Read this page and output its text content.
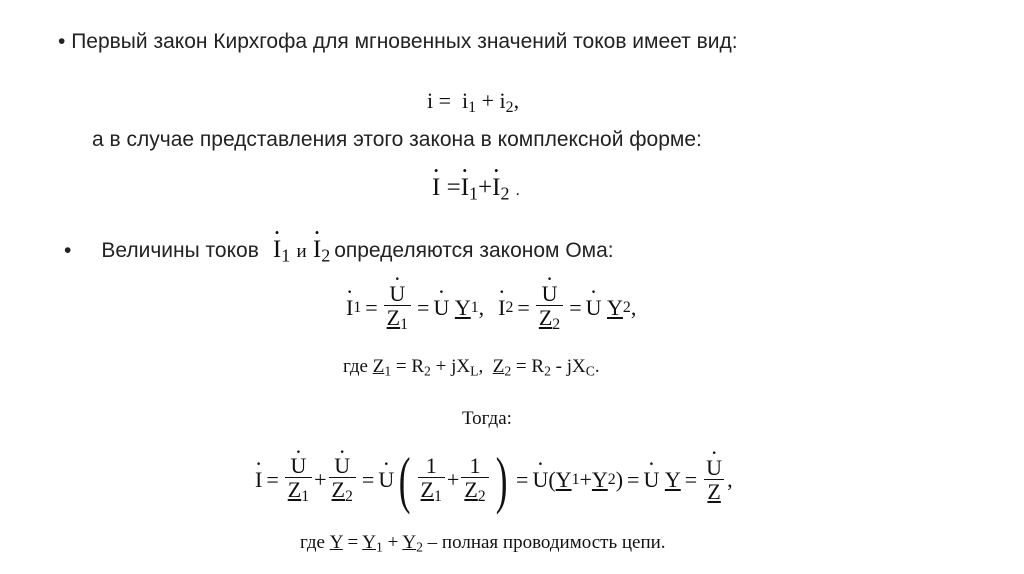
• Первый закон Кирхгофа для мгновенных значений токов имеет вид:
$i = i_1 + i_2$,
а в случае представления этого закона в комплексной форме:
· $I =\cdot I_1+\cdot I_2$ .
• Величины токов · $I_1$ $и \cdot I_2$ определяются законом Ома:
· I 1 = · $\frac{U}{Z_1}$ = · U
Y 1 , · I 2 = · $\frac{U}{Z_2}$ = · U
Y 2 ,
где $Z_1 = R_2 + jX_L$,  $Z_2 = R_2 - jX_C$.
Тогда:
· I = · $\frac{U}{Z_1}$ + · $\frac{U}{Z_2}$ = · U ( $\frac{1}{Z_1} + \frac{1}{Z_2}$ ) = · U ( Y 1 + Y 2 ) = · U
Y = · $\frac{U}{Z}$ ,
где $Y = Y_1 + Y_2$ – полная проводимость цепи.
